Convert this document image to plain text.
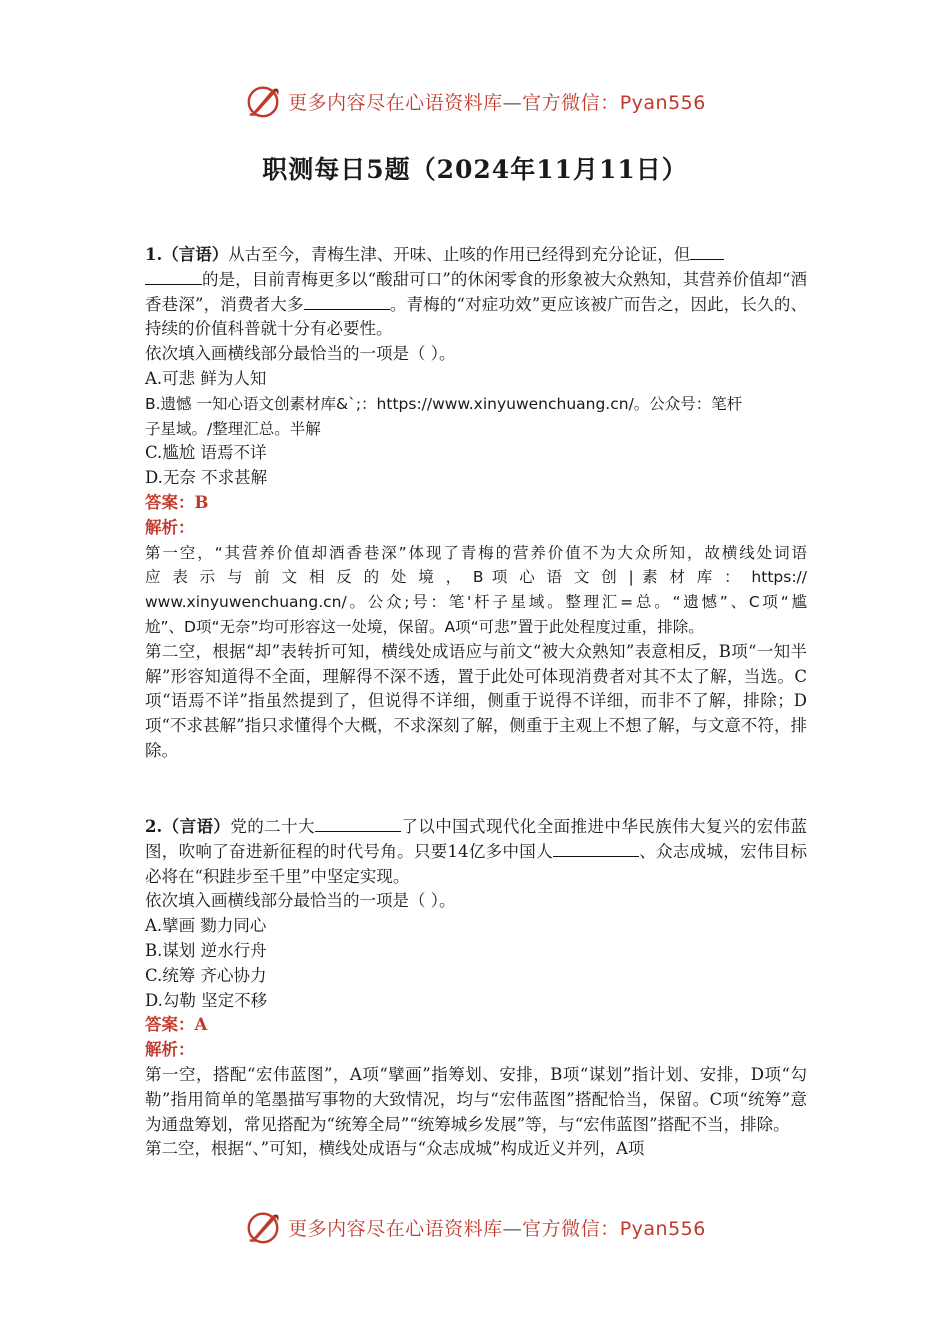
更多内容尽在心语资料库—官方微信：Pyan556
职测每日5题（2024年11月11日）

1.（言语）从古至今，青梅生津、开味、止咳的作用已经得到充分论证，但
的是，目前青梅更多以“酸甜可口”的休闲零食的形象被大众熟知，其营养价值却“酒香巷深”，消费者大多	。青梅的“对症功效”更应该被广而告之，因此，长久的、持续的价值科普就十分有必要性。

依次填入画横线部分最恰当的一项是（ ）。

A.可悲 鲜为人知

B.遗憾 一知心语文创素材库&`;：https://www.xinyuwenchuang.cn/。公众号：笔杆
子星域。/整理汇总。半解

C.尴尬 语焉不详

D.无奈 不求甚解

答案：B

解析：

第一空，“其营养价值却酒香巷深”体现了青梅的营养价值不为大众所知，故横线处词语

应 表 示 与 前 文 相 反 的 处 境 ， B 项 心 语 文 创 | 素 材 库 ： https://

www.xinyuwenchuang.cn/。公众;号：笔'杆子星域。整理汇=总。“遗憾”、C项“尴

尬”、D项“无奈”均可形容这一处境，保留。A项“可悲”置于此处程度过重，排除。

第二空，根据“却”表转折可知，横线处成语应与前文“被大众熟知”表意相反，B项“一知半解”形容知道得不全面，理解得不深不透，置于此处可体现消费者对其不太了解，当选。C项“语焉不详”指虽然提到了，但说得不详细，侧重于说得不详细，而非不了解，排除；D项“不求甚解”指只求懂得个大概，不求深刻了解，侧重于主观上不想了解，与文意不符，排除。

2.（言语）党的二十大	了以中国式现代化全面推进中华民族伟大复兴的宏伟蓝图，吹响了奋进新征程的时代号角。只要14亿多中国人	、众志成城，宏伟目标必将在“积跬步至千里”中坚定实现。

依次填入画横线部分最恰当的一项是（ ）。

A.擘画 勠力同心

B.谋划 逆水行舟

C.统筹 齐心协力

D.勾勒 坚定不移

答案：A

解析：

第一空，搭配“宏伟蓝图”，A项“擘画”指筹划、安排，B项“谋划”指计划、安排，D项“勾勒”指用简单的笔墨描写事物的大致情况，均与“宏伟蓝图”搭配恰当，保留。C项“统筹”意为通盘筹划，常见搭配为“统筹全局”“统筹城乡发展”等，与“宏伟蓝图”搭配不当，排除。

第二空，根据“、”可知，横线处成语与“众志成城”构成近义并列，A项

更多内容尽在心语资料库—官方微信：Pyan556
